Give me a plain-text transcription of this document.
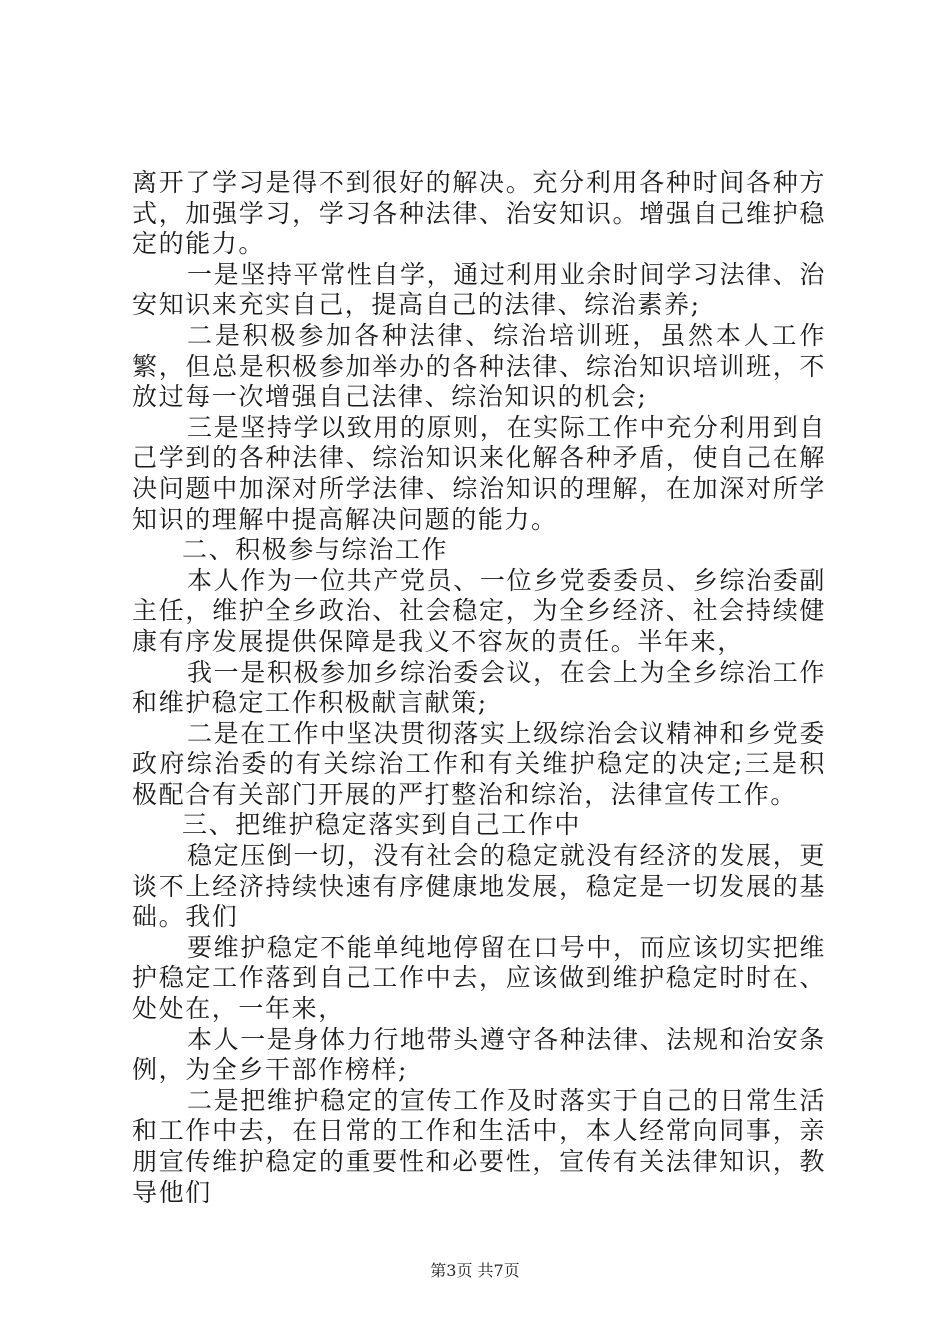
离开了学习是得不到很好的解决。充分利用各种时间各种方式，加强学习，学习各种法律、治安知识。增强自己维护稳定的能力。

一是坚持平常性自学，通过利用业余时间学习法律、治安知识来充实自己，提高自己的法律、综治素养;

二是积极参加各种法律、综治培训班，虽然本人工作繁，但总是积极参加举办的各种法律、综治知识培训班，不放过每一次增强自己法律、综治知识的机会;

三是坚持学以致用的原则，在实际工作中充分利用到自己学到的各种法律、综治知识来化解各种矛盾，使自己在解决问题中加深对所学法律、综治知识的理解，在加深对所学知识的理解中提高解决问题的能力。

二、积极参与综治工作

本人作为一位共产党员、一位乡党委委员、乡综治委副主任，维护全乡政治、社会稳定，为全乡经济、社会持续健康有序发展提供保障是我义不容灰的责任。半年来，

我一是积极参加乡综治委会议，在会上为全乡综治工作和维护稳定工作积极献言献策;

二是在工作中坚决贯彻落实上级综治会议精神和乡党委政府综治委的有关综治工作和有关维护稳定的决定;三是积极配合有关部门开展的严打整治和综治，法律宣传工作。

三、把维护稳定落实到自己工作中

稳定压倒一切，没有社会的稳定就没有经济的发展，更谈不上经济持续快速有序健康地发展，稳定是一切发展的基础。我们

要维护稳定不能单纯地停留在口号中，而应该切实把维护稳定工作落到自己工作中去，应该做到维护稳定时时在、处处在，一年来，

本人一是身体力行地带头遵守各种法律、法规和治安条例，为全乡干部作榜样;

二是把维护稳定的宣传工作及时落实于自己的日常生活和工作中去，在日常的工作和生活中，本人经常向同事，亲朋宣传维护稳定的重要性和必要性，宣传有关法律知识，教导他们

第3页 共7页
